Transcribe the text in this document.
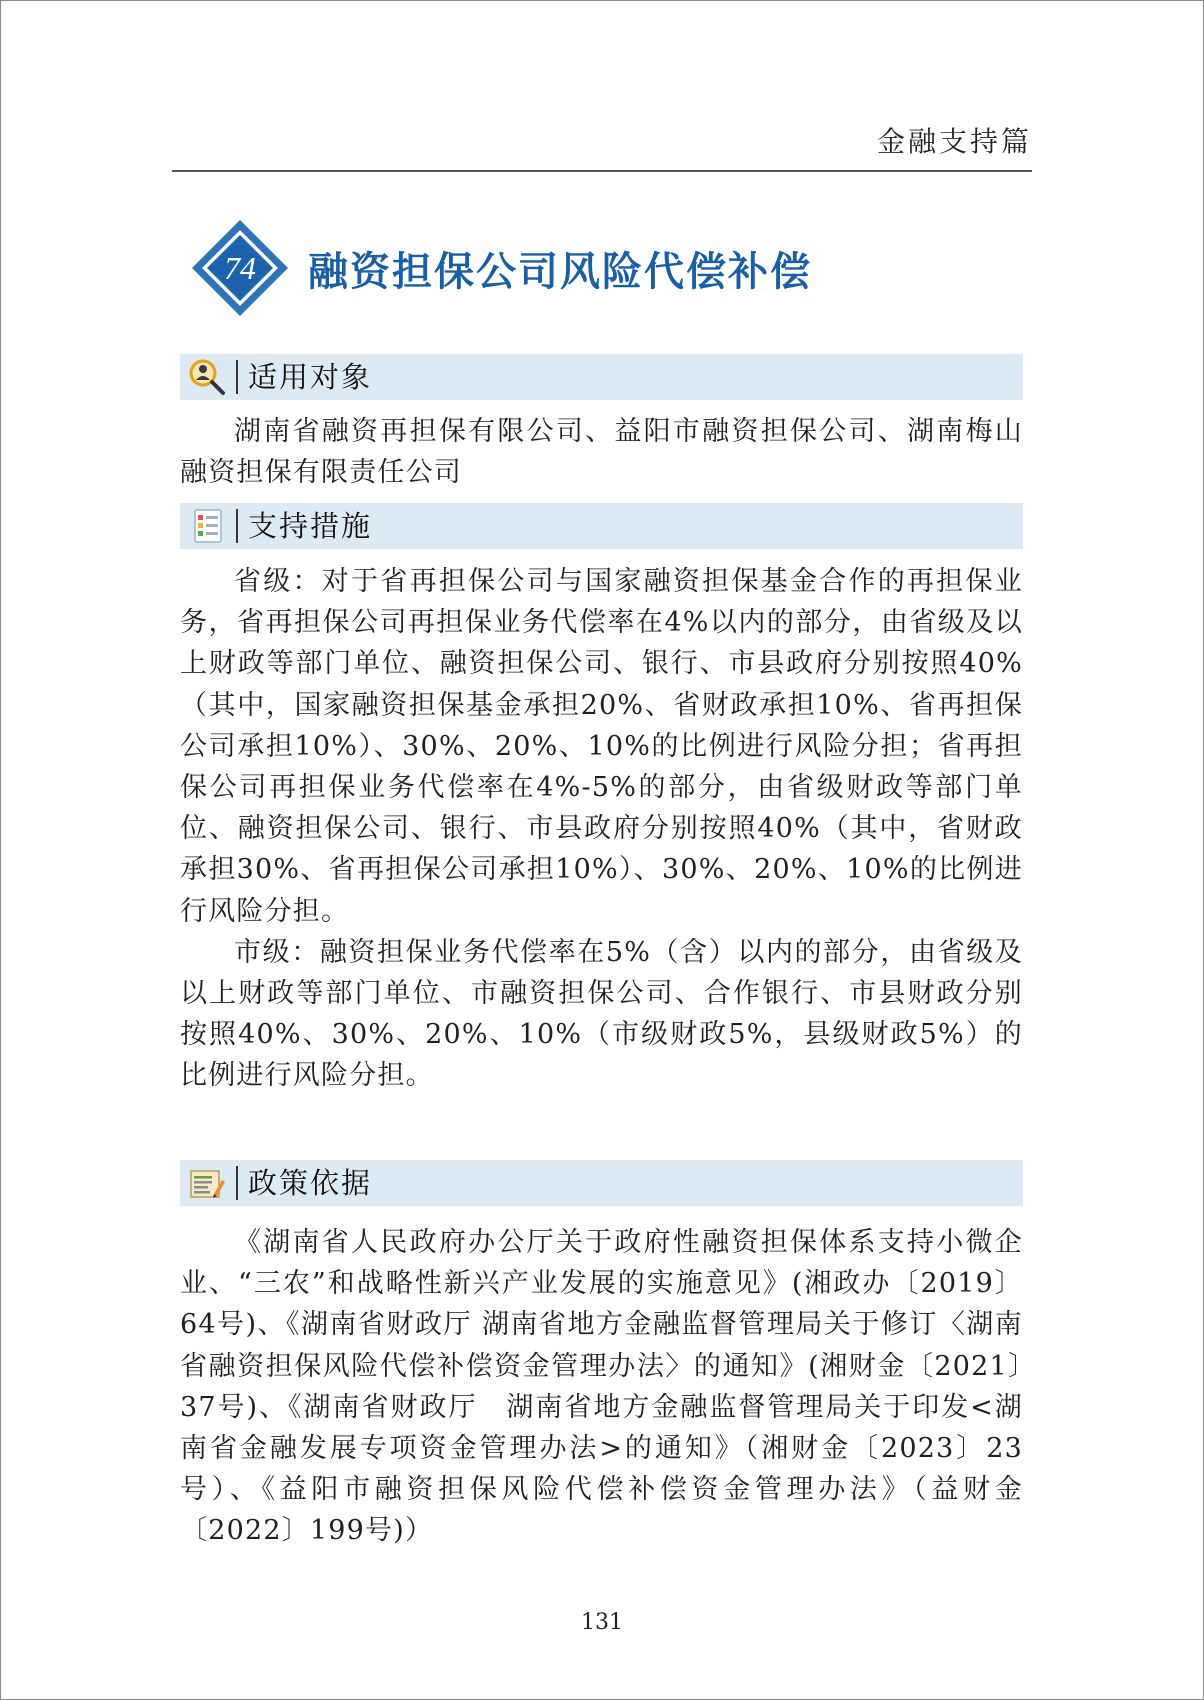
金融支持篇
74 融资担保公司风险代偿补偿
适用对象

湖南省融资再担保有限公司、益阳市融资担保公司、湖南梅山融资担保有限责任公司

支持措施

省级：对于省再担保公司与国家融资担保基金合作的再担保业务，省再担保公司再担保业务代偿率在4%以内的部分，由省级及以上财政等部门单位、融资担保公司、银行、市县政府分别按照40%（其中，国家融资担保基金承担20%、省财政承担10%、省再担保公司承担10%）、30%、20%、10%的比例进行风险分担；省再担保公司再担保业务代偿率在4%-5%的部分，由省级财政等部门单位、融资担保公司、银行、市县政府分别按照40%（其中，省财政承担30%、省再担保公司承担10%）、30%、20%、10%的比例进行风险分担。

市级：融资担保业务代偿率在5%（含）以内的部分，由省级及以上财政等部门单位、市融资担保公司、合作银行、市县财政分别按照40%、30%、20%、10%（市级财政5%，县级财政5%）的比例进行风险分担。

政策依据

《湖南省人民政府办公厅关于政府性融资担保体系支持小微企业、“三农”和战略性新兴产业发展的实施意见》(湘政办〔2019〕64号)、《湖南省财政厅 湖南省地方金融监督管理局关于修订〈湖南省融资担保风险代偿补偿资金管理办法〉的通知》(湘财金〔2021〕37号)、《湖南省财政厅　湖南省地方金融监督管理局关于印发<湖南省金融发展专项资金管理办法>的通知》（湘财金〔2023〕23号）、《益阳市融资担保风险代偿补偿资金管理办法》（益财金〔2022〕199号)）

131
